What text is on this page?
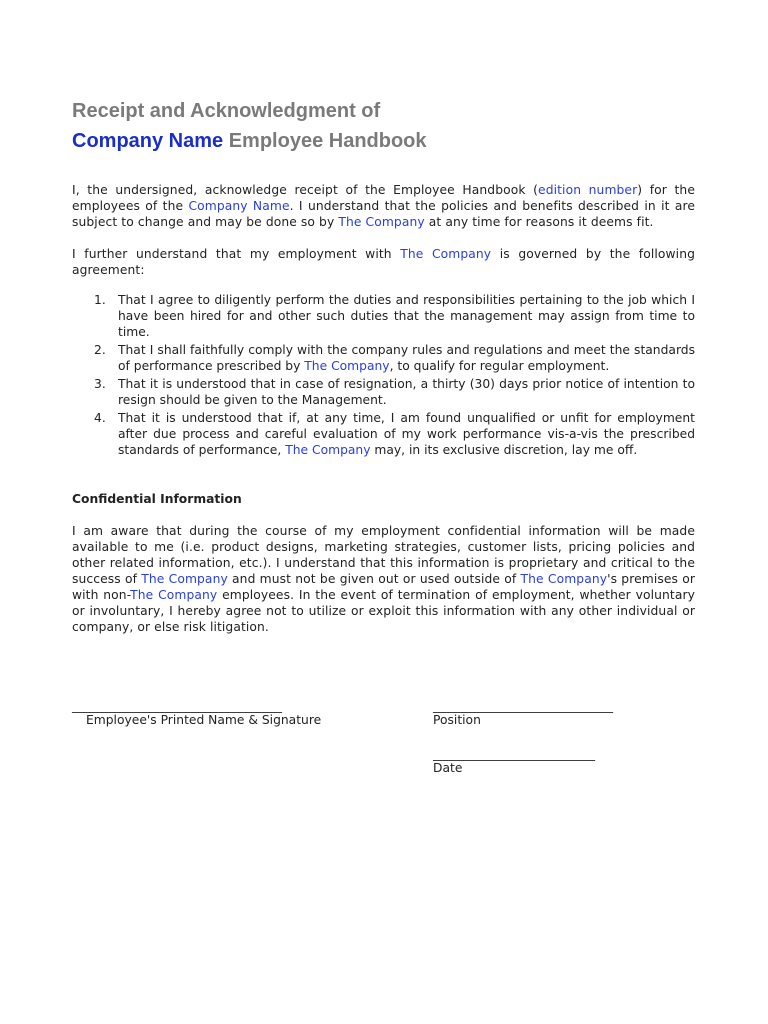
Receipt and Acknowledgment of
Company Name Employee Handbook

I, the undersigned, acknowledge receipt of the Employee Handbook (edition number) for the employees of the Company Name. I understand that the policies and benefits described in it are subject to change and may be done so by The Company at any time for reasons it deems fit.

I further understand that my employment with The Company is governed by the following agreement:

1. That I agree to diligently perform the duties and responsibilities pertaining to the job which I have been hired for and other such duties that the management may assign from time to time.
2. That I shall faithfully comply with the company rules and regulations and meet the standards of performance prescribed by The Company, to qualify for regular employment.
3. That it is understood that in case of resignation, a thirty (30) days prior notice of intention to resign should be given to the Management.
4. That it is understood that if, at any time, I am found unqualified or unfit for employment after due process and careful evaluation of my work performance vis-a-vis the prescribed standards of performance, The Company may, in its exclusive discretion, lay me off.
Confidential Information

I am aware that during the course of my employment confidential information will be made available to me (i.e. product designs, marketing strategies, customer lists, pricing policies and other related information, etc.). I understand that this information is proprietary and critical to the success of The Company and must not be given out or used outside of The Company's premises or with non-The Company employees. In the event of termination of employment, whether voluntary or involuntary, I hereby agree not to utilize or exploit this information with any other individual or company, or else risk litigation.

___________________________________
Employee's Printed Name & Signature
______________________________
Position
___________________________
Date
